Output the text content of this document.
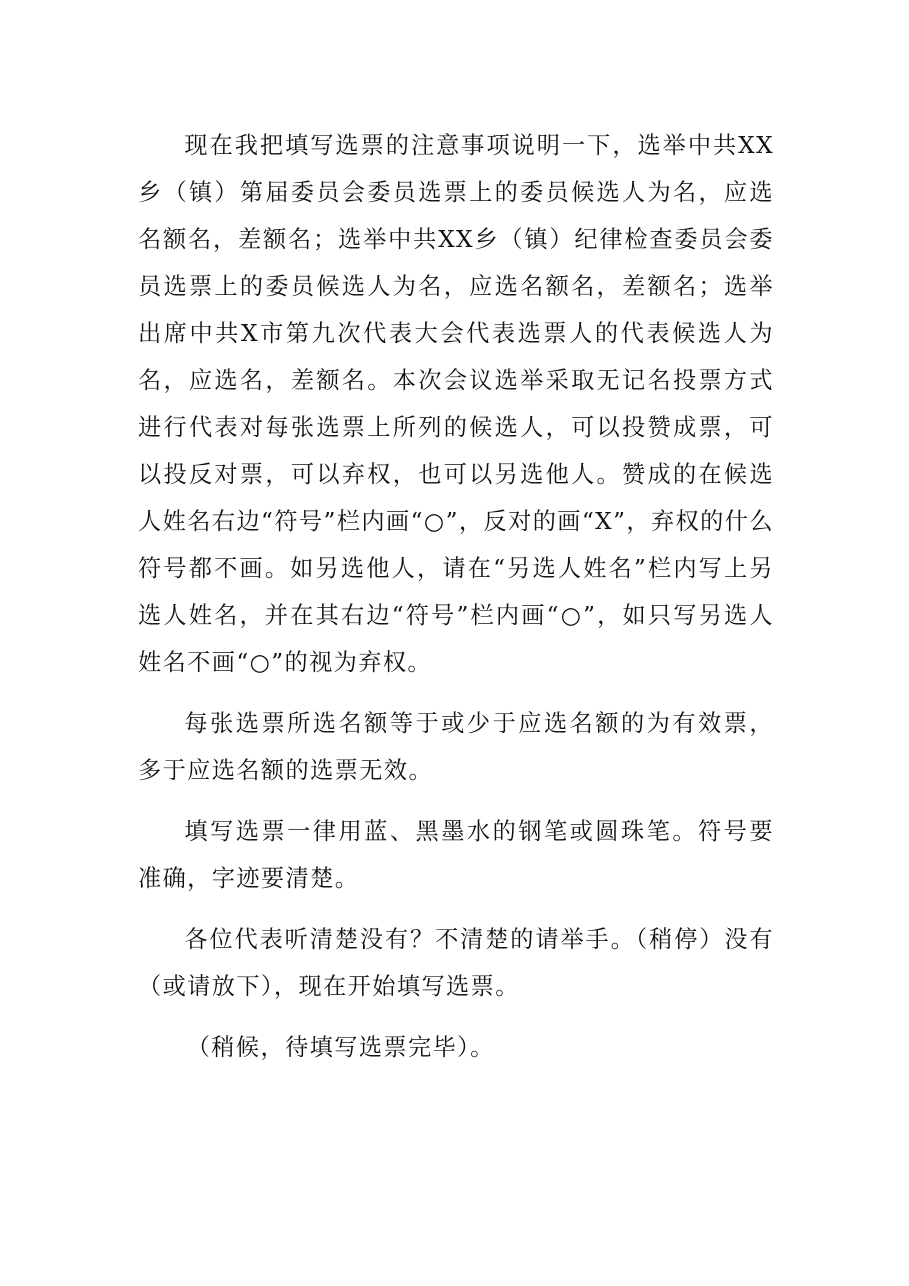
现在我把填写选票的注意事项说明一下，选举中共XX乡（镇）第届委员会委员选票上的委员候选人为名，应选名额名，差额名；选举中共XX乡（镇）纪律检查委员会委员选票上的委员候选人为名，应选名额名，差额名；选举出席中共X市第九次代表大会代表选票人的代表候选人为名，应选名，差额名。本次会议选举采取无记名投票方式进行代表对每张选票上所列的候选人，可以投赞成票，可以投反对票，可以弃权，也可以另选他人。赞成的在候选人姓名右边“符号”栏内画“○”，反对的画“X”，弃权的什么符号都不画。如另选他人，请在“另选人姓名”栏内写上另选人姓名，并在其右边“符号”栏内画“○”，如只写另选人姓名不画“○”的视为弃权。

每张选票所选名额等于或少于应选名额的为有效票，多于应选名额的选票无效。

填写选票一律用蓝、黑墨水的钢笔或圆珠笔。符号要准确，字迹要清楚。

各位代表听清楚没有？不清楚的请举手。（稍停）没有（或请放下），现在开始填写选票。

（稍候，待填写选票完毕）。
